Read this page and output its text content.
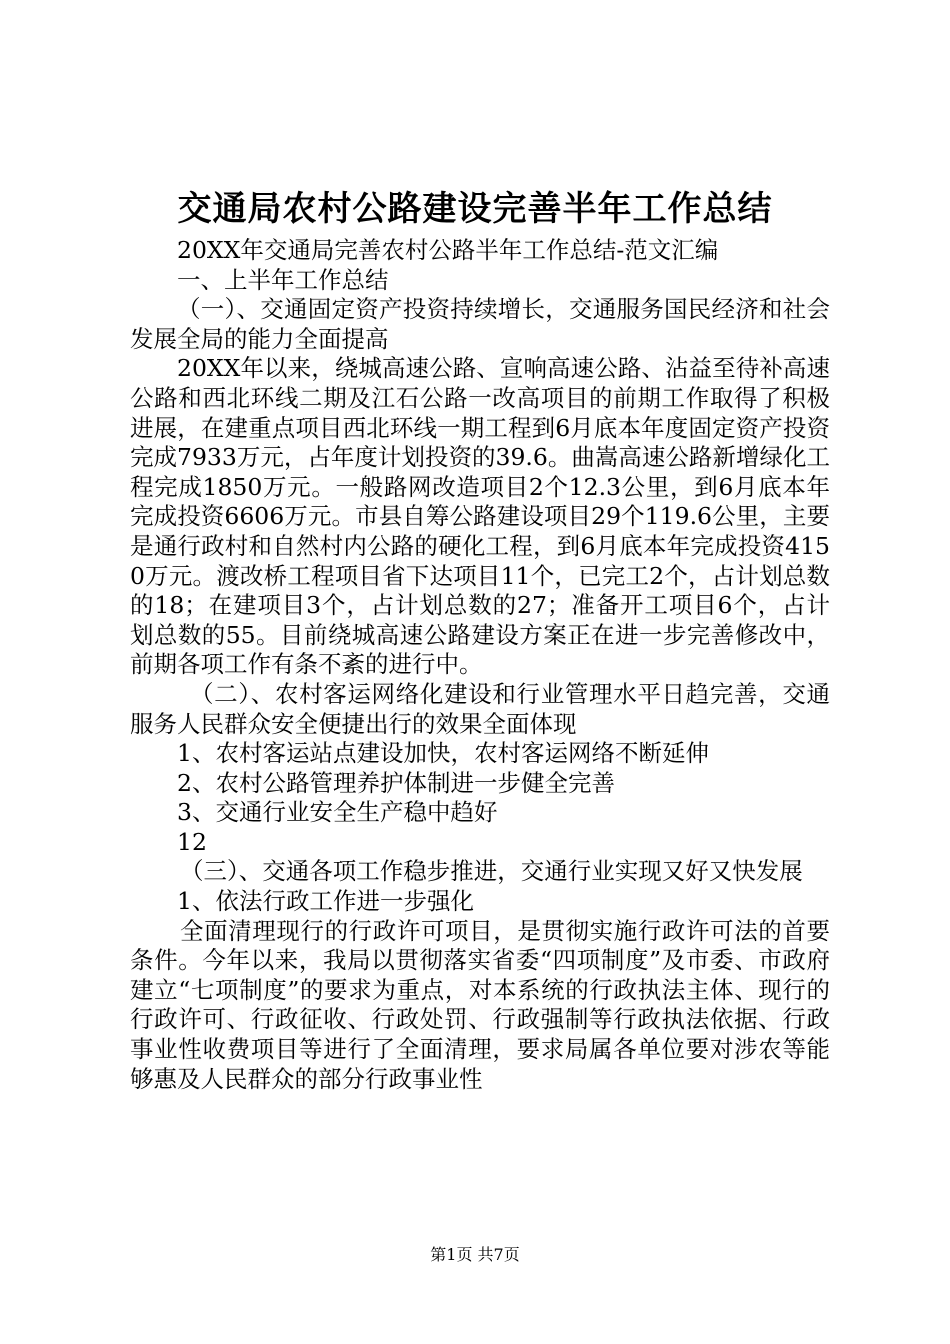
交通局农村公路建设完善半年工作总结

20XX年交通局完善农村公路半年工作总结-范文汇编

一、上半年工作总结

（一）、交通固定资产投资持续增长，交通服务国民经济和社会发展全局的能力全面提高

20XX年以来，绕城高速公路、宣响高速公路、沾益至待补高速公路和西北环线二期及江石公路一改高项目的前期工作取得了积极进展，在建重点项目西北环线一期工程到6月底本年度固定资产投资完成7933万元，占年度计划投资的39.6。曲嵩高速公路新增绿化工程完成1850万元。一般路网改造项目2个12.3公里，到6月底本年完成投资6606万元。市县自筹公路建设项目29个119.6公里，主要是通行政村和自然村内公路的硬化工程，到6月底本年完成投资4150万元。渡改桥工程项目省下达项目11个，已完工2个，占计划总数的18；在建项目3个，占计划总数的27；准备开工项目6个，占计划总数的55。目前绕城高速公路建设方案正在进一步完善修改中，前期各项工作有条不紊的进行中。

（二）、农村客运网络化建设和行业管理水平日趋完善，交通服务人民群众安全便捷出行的效果全面体现

1、农村客运站点建设加快，农村客运网络不断延伸

2、农村公路管理养护体制进一步健全完善

3、交通行业安全生产稳中趋好

12

（三）、交通各项工作稳步推进，交通行业实现又好又快发展

1、依法行政工作进一步强化

全面清理现行的行政许可项目，是贯彻实施行政许可法的首要条件。今年以来，我局以贯彻落实省委“四项制度”及市委、市政府建立“七项制度”的要求为重点，对本系统的行政执法主体、现行的行政许可、行政征收、行政处罚、行政强制等行政执法依据、行政事业性收费项目等进行了全面清理，要求局属各单位要对涉农等能够惠及人民群众的部分行政事业性

第1页 共7页
